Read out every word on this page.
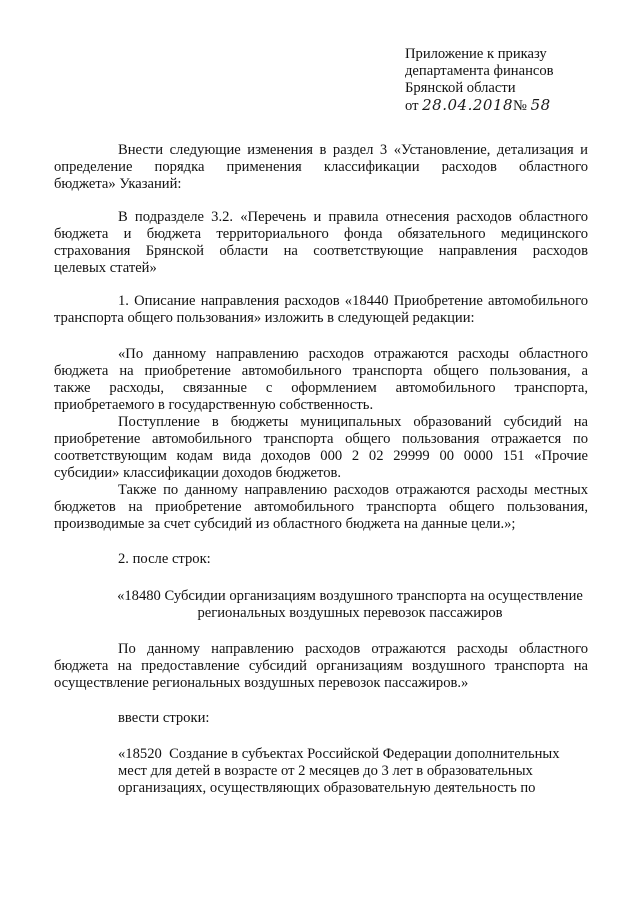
Приложение к приказу
департамента финансов
Брянской области
от 28.04.2018№ 58
Внести следующие изменения в раздел 3 «Установление, детализация и
определение порядка применения классификации расходов областного
бюджета» Указаний:
В подразделе 3.2. «Перечень и правила отнесения расходов областного
бюджета и бюджета территориального фонда обязательного медицинского
страхования Брянской области на соответствующие направления расходов
целевых статей»
1. Описание направления расходов «18440 Приобретение автомобильного
транспорта общего пользования» изложить в следующей редакции:
«По данному направлению расходов отражаются расходы областного
бюджета на приобретение автомобильного транспорта общего пользования, а
также расходы, связанные с оформлением автомобильного транспорта,
приобретаемого в государственную собственность.
Поступление в бюджеты муниципальных образований субсидий на
приобретение автомобильного транспорта общего пользования отражается по
соответствующим кодам вида доходов 000 2 02 29999 00 0000 151 «Прочие
субсидии» классификации доходов бюджетов.
Также по данному направлению расходов отражаются расходы местных
бюджетов на приобретение автомобильного транспорта общего пользования,
производимые за счет субсидий из областного бюджета на данные цели.»;
2. после строк:
«18480 Субсидии организациям воздушного транспорта на осуществление
региональных воздушных перевозок пассажиров
По данному направлению расходов отражаются расходы областного
бюджета на предоставление субсидий организациям воздушного транспорта на
осуществление региональных воздушных перевозок пассажиров.»
ввести строки:
«18520  Создание в субъектах Российской Федерации дополнительных
мест для детей в возрасте от 2 месяцев до 3 лет в образовательных
организациях, осуществляющих образовательную деятельность по
